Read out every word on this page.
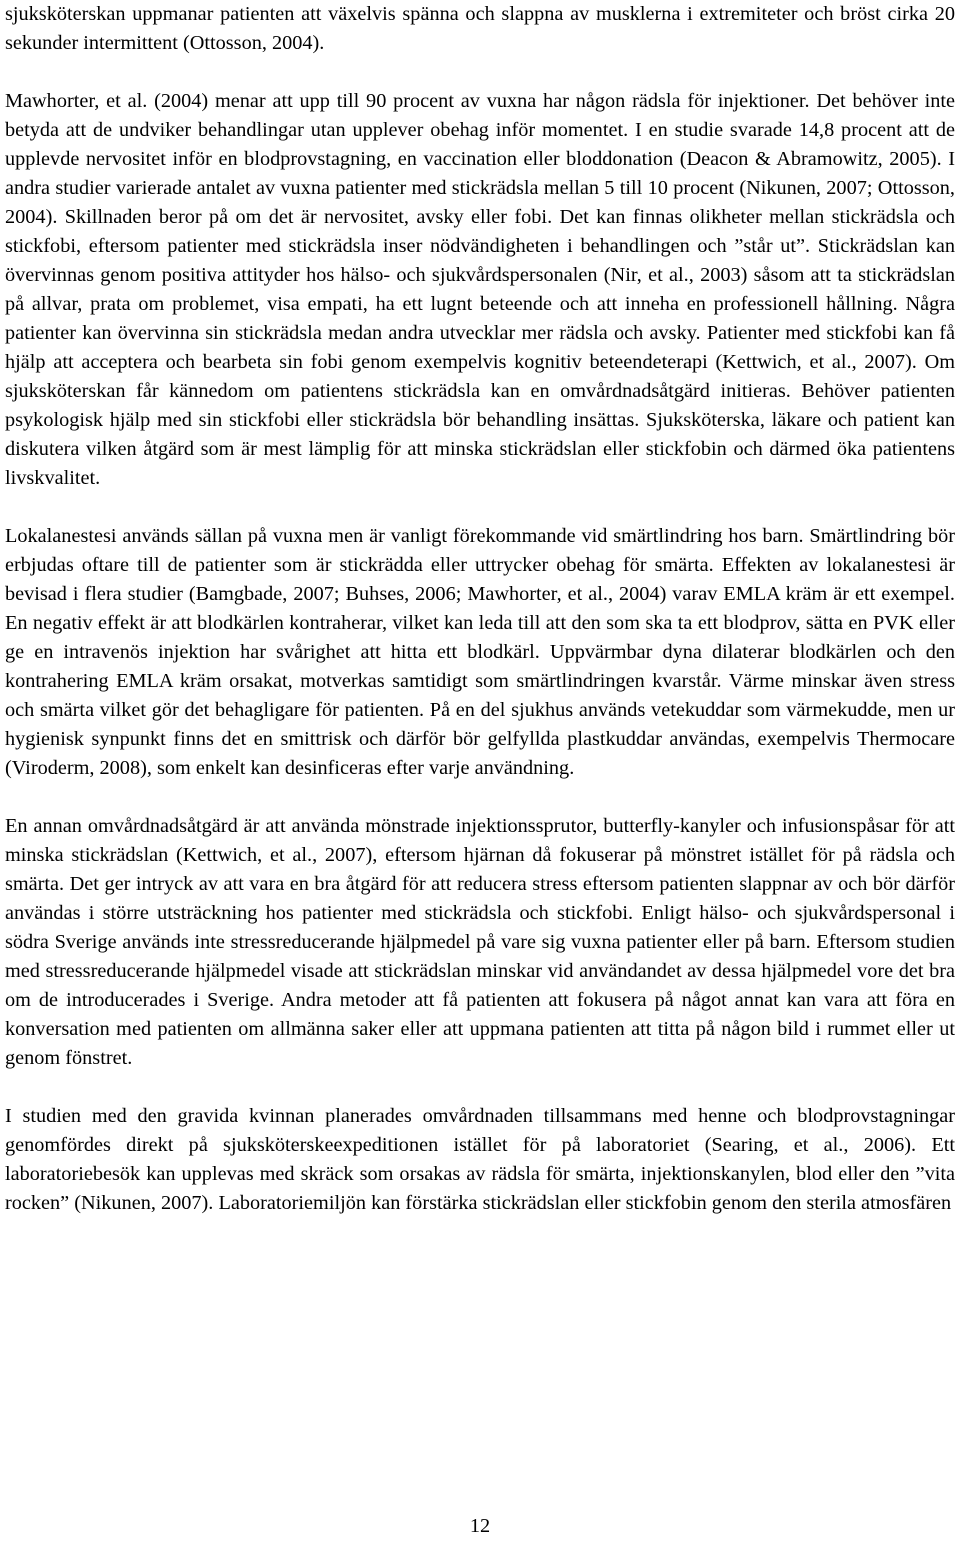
sjuksköterskan uppmanar patienten att växelvis spänna och slappna av musklerna i extremiteter och bröst cirka 20 sekunder intermittent (Ottosson, 2004).

Mawhorter, et al. (2004) menar att upp till 90 procent av vuxna har någon rädsla för injektioner. Det behöver inte betyda att de undviker behandlingar utan upplever obehag inför momentet. I en studie svarade 14,8 procent att de upplevde nervositet inför en blodprovstagning, en vaccination eller bloddonation (Deacon & Abramowitz, 2005). I andra studier varierade antalet av vuxna patienter med stickrädsla mellan 5 till 10 procent (Nikunen, 2007; Ottosson, 2004). Skillnaden beror på om det är nervositet, avsky eller fobi. Det kan finnas olikheter mellan stickrädsla och stickfobi, eftersom patienter med stickrädsla inser nödvändigheten i behandlingen och ”står ut”. Stickrädslan kan övervinnas genom positiva attityder hos hälso- och sjukvårdspersonalen (Nir, et al., 2003) såsom att ta stickrädslan på allvar, prata om problemet, visa empati, ha ett lugnt beteende och att inneha en professionell hållning. Några patienter kan övervinna sin stickrädsla medan andra utvecklar mer rädsla och avsky. Patienter med stickfobi kan få hjälp att acceptera och bearbeta sin fobi genom exempelvis kognitiv beteendeterapi (Kettwich, et al., 2007). Om sjuksköterskan får kännedom om patientens stickrädsla kan en omvårdnadsåtgärd initieras. Behöver patienten psykologisk hjälp med sin stickfobi eller stickrädsla bör behandling insättas. Sjuksköterska, läkare och patient kan diskutera vilken åtgärd som är mest lämplig för att minska stickrädslan eller stickfobin och därmed öka patientens livskvalitet.

Lokalanestesi används sällan på vuxna men är vanligt förekommande vid smärtlindring hos barn. Smärtlindring bör erbjudas oftare till de patienter som är stickrädda eller uttrycker obehag för smärta. Effekten av lokalanestesi är bevisad i flera studier (Bamgbade, 2007; Buhses, 2006; Mawhorter, et al., 2004) varav EMLA kräm är ett exempel. En negativ effekt är att blodkärlen kontraherar, vilket kan leda till att den som ska ta ett blodprov, sätta en PVK eller ge en intravenös injektion har svårighet att hitta ett blodkärl. Uppvärmbar dyna dilaterar blodkärlen och den kontrahering EMLA kräm orsakat, motverkas samtidigt som smärtlindringen kvarstår. Värme minskar även stress och smärta vilket gör det behagligare för patienten. På en del sjukhus används vetekuddar som värmekudde, men ur hygienisk synpunkt finns det en smittrisk och därför bör gelfyllda plastkuddar användas, exempelvis Thermocare (Viroderm, 2008), som enkelt kan desinficeras efter varje användning.

En annan omvårdnadsåtgärd är att använda mönstrade injektionssprutor, butterfly-kanyler och infusionspåsar för att minska stickrädslan (Kettwich, et al., 2007), eftersom hjärnan då fokuserar på mönstret istället för på rädsla och smärta. Det ger intryck av att vara en bra åtgärd för att reducera stress eftersom patienten slappnar av och bör därför användas i större utsträckning hos patienter med stickrädsla och stickfobi. Enligt hälso- och sjukvårdspersonal i södra Sverige används inte stressreducerande hjälpmedel på vare sig vuxna patienter eller på barn. Eftersom studien med stressreducerande hjälpmedel visade att stickrädslan minskar vid användandet av dessa hjälpmedel vore det bra om de introducerades i Sverige. Andra metoder att få patienten att fokusera på något annat kan vara att föra en konversation med patienten om allmänna saker eller att uppmana patienten att titta på någon bild i rummet eller ut genom fönstret.

I studien med den gravida kvinnan planerades omvårdnaden tillsammans med henne och blodprovstagningar genomfördes direkt på sjuksköterskeexpeditionen istället för på laboratoriet (Searing, et al., 2006). Ett laboratoriebesök kan upplevas med skräck som orsakas av rädsla för smärta, injektionskanylen, blod eller den ”vita rocken” (Nikunen, 2007). Laboratoriemiljön kan förstärka stickrädslan eller stickfobin genom den sterila atmosfären

12
